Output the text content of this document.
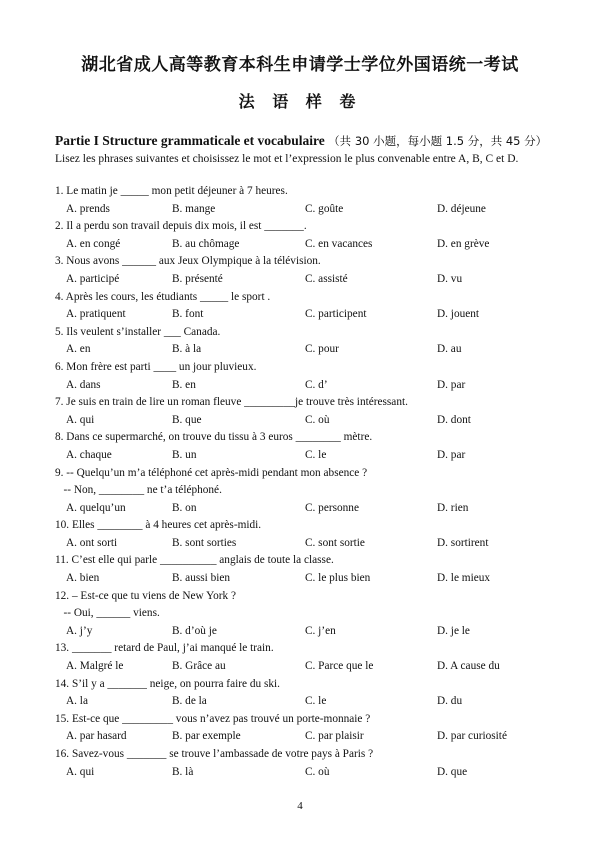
湖北省成人高等教育本科生申请学士学位外国语统一考试
法 语 样 卷
Partie I Structure grammaticale et vocabulaire （共 30 小题，每小题 1.5 分，共 45 分）
Lisez les phrases suivantes et choisissez le mot et l’expression le plus convenable entre A, B, C et D.
1. Le matin je _____ mon petit déjeuner à 7 heures.
A. prends	B. mange	C. goûte	D. déjeune
2. Il a perdu son travail depuis dix mois, il est _______.
A. en congé	B. au chômage	C. en vacances	D. en grève
3. Nous avons ______ aux Jeux Olympique à la télévision.
A. participé	B. présenté	C. assisté	D. vu
4. Après les cours, les étudiants _____ le sport .
A. pratiquent	B. font	C. participent	D. jouent
5. Ils veulent s’installer ___ Canada.
A. en	B. à la	C. pour	D. au
6. Mon frère est parti ____ un jour pluvieux.
A. dans	B. en	C. d’	D. par
7. Je suis en train de lire un roman fleuve _________je trouve très intéressant.
A. qui	B. que	C. où	D. dont
8. Dans ce supermarché, on trouve du tissu à 3 euros ________ mètre.
A. chaque	B. un	C. le	D. par
9. -- Quelqu’un m’a téléphoné cet après-midi pendant mon absence ?
-- Non, ________ ne t’a téléphoné.
A. quelqu’un	B. on	C. personne	D. rien
10. Elles ________ à 4 heures cet après-midi.
A. ont sorti	B. sont sorties	C. sont sortie	D. sortirent
11. C’est elle qui parle __________ anglais de toute la classe.
A. bien	B. aussi bien	C. le plus bien	D. le mieux
12. – Est-ce que tu viens de New York ?
-- Oui, ______ viens.
A. j’y	B. d’où je	C. j’en	D. je le
13. _______ retard de Paul, j’ai manqué le train.
A. Malgré le	B. Grâce au	C. Parce que le	D. A cause du
14. S’il y a _______ neige, on pourra faire du ski.
A. la	B. de la	C. le	D. du
15. Est-ce que _________ vous n’avez pas trouvé un porte-monnaie ?
A. par hasard	B. par exemple	C. par plaisir	D. par curiosité
16. Savez-vous _______ se trouve l’ambassade de votre pays à Paris ?
A. qui	B. là	C. où	D. que
4
